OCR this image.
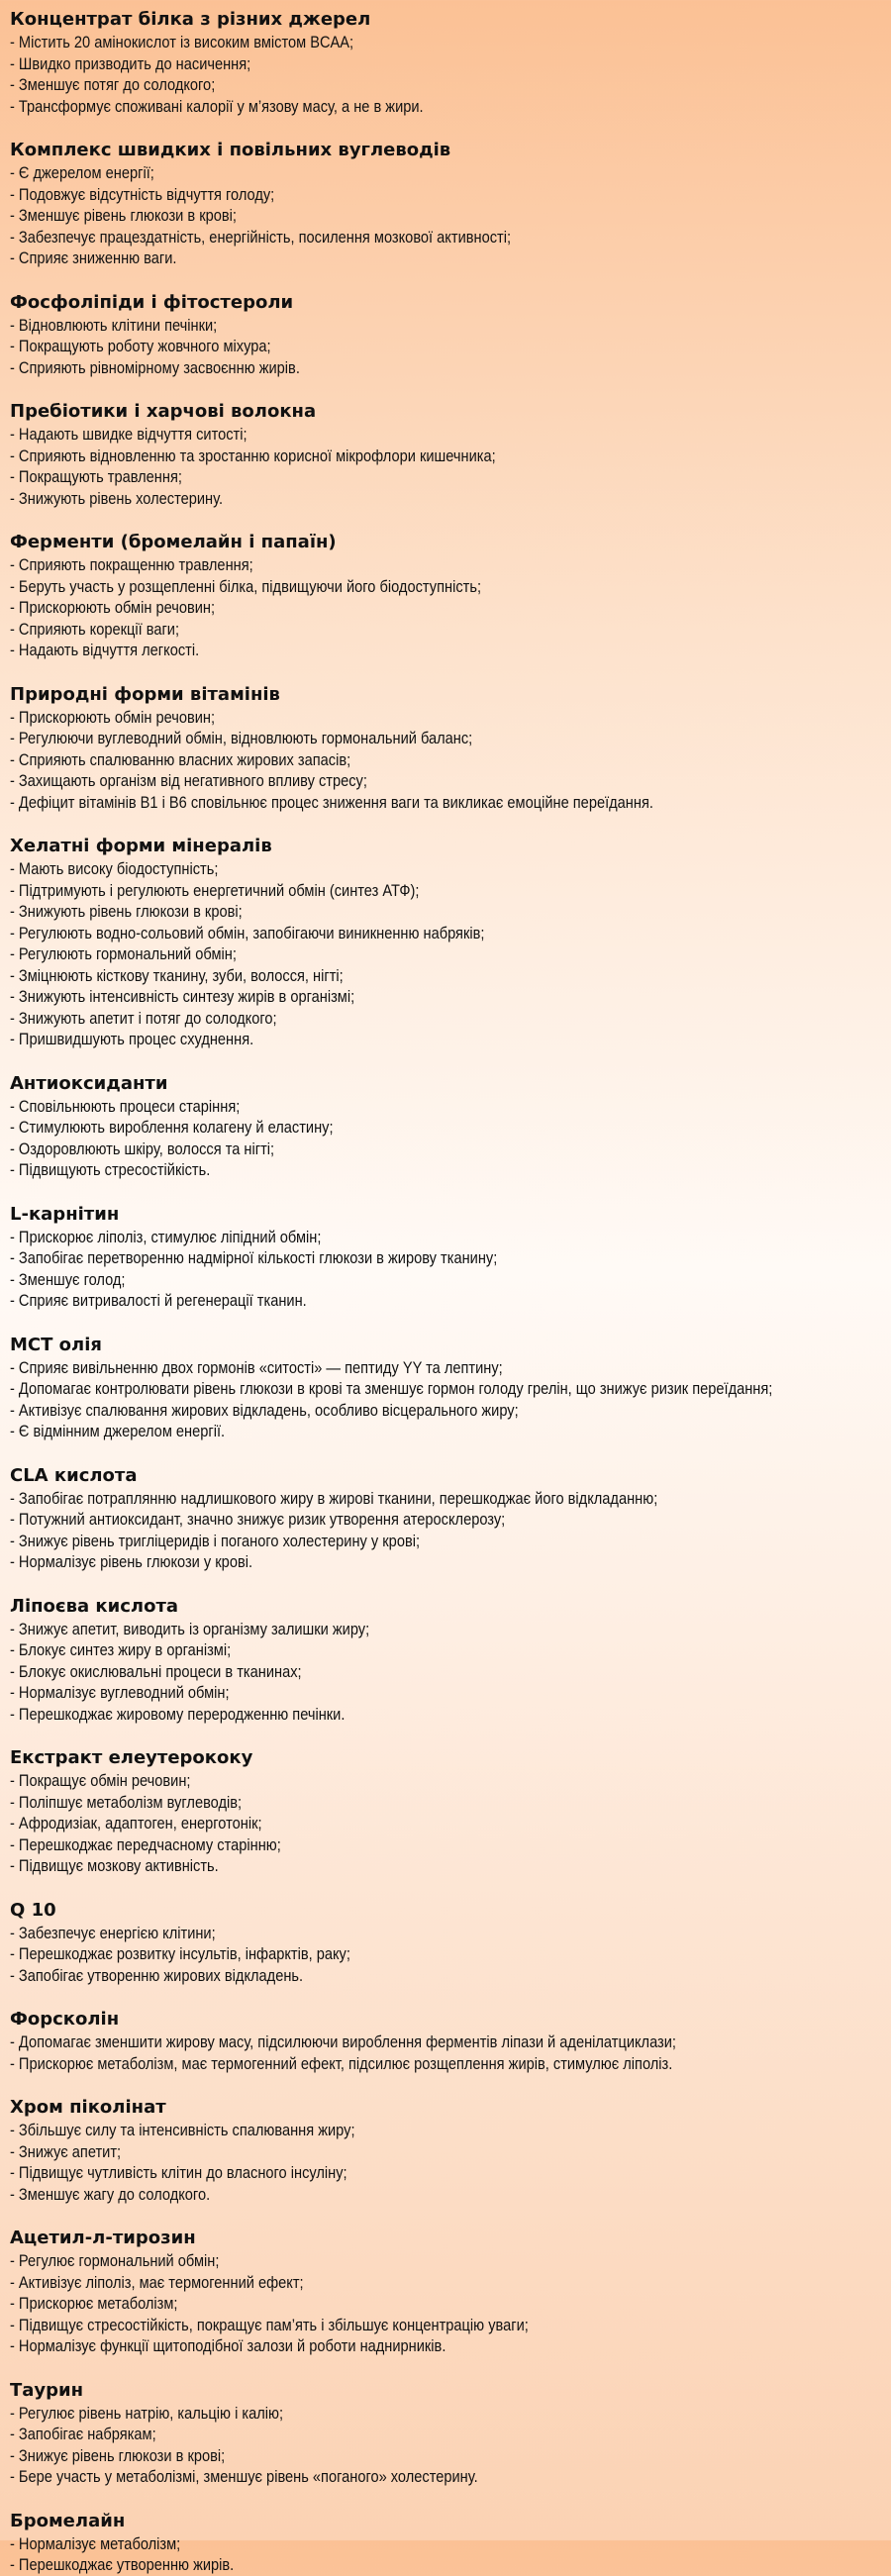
Концентрат білка з різних джерел
- Містить 20 амінокислот із високим вмістом BCAA;
- Швидко призводить до насичення;
- Зменшує потяг до солодкого;
- Трансформує споживані калорії у м’язову масу, а не в жири.
Комплекс швидких і повільних вуглеводів
- Є джерелом енергії;
- Подовжує відсутність відчуття голоду;
- Зменшує рівень глюкози в крові;
- Забезпечує працездатність, енергійність, посилення мозкової активності;
- Сприяє зниженню ваги.
Фосфоліпіди і фітостероли
- Відновлюють клітини печінки;
- Покращують роботу жовчного міхура;
- Сприяють рівномірному засвоєнню жирів.
Пребіотики і харчові волокна
- Надають швидке відчуття ситості;
- Сприяють відновленню та зростанню корисної мікрофлори кишечника;
- Покращують травлення;
- Знижують рівень холестерину.
Ферменти (бромелайн і папаїн)
- Сприяють покращенню травлення;
- Беруть участь у розщепленні білка, підвищуючи його біодоступність;
- Прискорюють обмін речовин;
- Сприяють корекції ваги;
- Надають відчуття легкості.
Природні форми вітамінів
- Прискорюють обмін речовин;
- Регулюючи вуглеводний обмін, відновлюють гормональний баланс;
- Сприяють спалюванню власних жирових запасів;
- Захищають організм від негативного впливу стресу;
- Дефіцит вітамінів B1 і B6 сповільнює процес зниження ваги та викликає емоційне переїдання.
Хелатні форми мінералів
- Мають високу біодоступність;
- Підтримують і регулюють енергетичний обмін (синтез АТФ);
- Знижують рівень глюкози в крові;
- Регулюють водно-сольовий обмін, запобігаючи виникненню набряків;
- Регулюють гормональний обмін;
- Зміцнюють кісткову тканину, зуби, волосся, нігті;
- Знижують інтенсивність синтезу жирів в організмі;
- Знижують апетит і потяг до солодкого;
- Пришвидшують процес схуднення.
Антиоксиданти
- Сповільнюють процеси старіння;
- Стимулюють вироблення колагену й еластину;
- Оздоровлюють шкіру, волосся та нігті;
- Підвищують стресостійкість.
L-карнітин
- Прискорює ліполіз, стимулює ліпідний обмін;
- Запобігає перетворенню надмірної кількості глюкози в жирову тканину;
- Зменшує голод;
- Сприяє витривалості й регенерації тканин.
МСТ олія
- Сприяє вивільненню двох гормонів «ситості» — пептиду YY та лептину;
- Допомагає контролювати рівень глюкози в крові та зменшує гормон голоду грелін, що знижує ризик переїдання;
- Активізує спалювання жирових відкладень, особливо вісцерального жиру;
- Є відмінним джерелом енергії.
CLA кислота
- Запобігає потраплянню надлишкового жиру в жирові тканини, перешкоджає його відкладанню;
- Потужний антиоксидант, значно знижує ризик утворення атеросклерозу;
- Знижує рівень тригліцеридів і поганого холестерину у крові;
- Нормалізує рівень глюкози у крові.
Ліпоєва кислота
- Знижує апетит, виводить із організму залишки жиру;
- Блокує синтез жиру в організмі;
- Блокує окислювальні процеси в тканинах;
- Нормалізує вуглеводний обмін;
- Перешкоджає жировому переродженню печінки.
Екстракт елеутерококу
- Покращує обмін речовин;
- Поліпшує метаболізм вуглеводів;
- Афродизіак, адаптоген, енерготонік;
- Перешкоджає передчасному старінню;
- Підвищує мозкову активність.
Q 10
- Забезпечує енергією клітини;
- Перешкоджає розвитку інсультів, інфарктів, раку;
- Запобігає утворенню жирових відкладень.
Форсколін
- Допомагає зменшити жирову масу, підсилюючи вироблення ферментів ліпази й аденілатциклази;
- Прискорює метаболізм, має термогенний ефект, підсилює розщеплення жирів, стимулює ліполіз.
Хром пiколiнат
- Збільшує силу та інтенсивність спалювання жиру;
- Знижує апетит;
- Підвищує чутливість клітин до власного інсуліну;
- Зменшує жагу до солодкого.
Ацетил-л-тирозин
- Регулює гормональний обмін;
- Активізує ліполіз, має термогенний ефект;
- Прискорює метаболізм;
- Підвищує стресостійкість, покращує пам’ять і збільшує концентрацію уваги;
- Нормалізує функції щитоподібної залози й роботи наднирників.
Таурин
- Регулює рівень натрію, кальцію і калію;
- Запобігає набрякам;
- Знижує рівень глюкози в крові;
- Бере участь у метаболізмі, зменшує рівень «поганого» холестерину.
Бромелайн
- Нормалізує метаболізм;
- Перешкоджає утворенню жирів.
